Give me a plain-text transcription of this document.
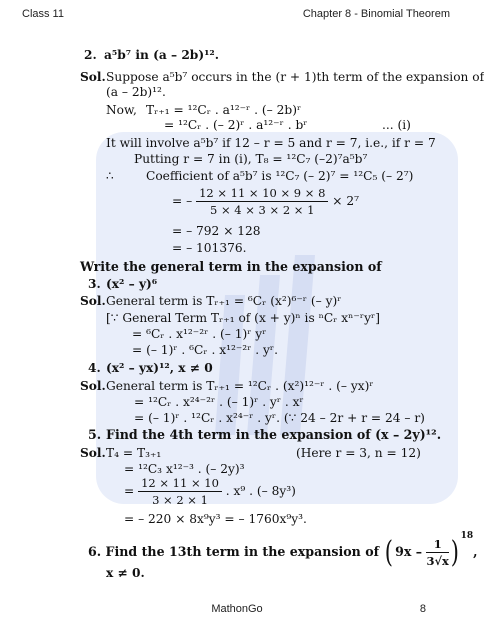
Class 11	Chapter 8 - Binomial Theorem
2. a⁵b⁷ in (a – 2b)¹².
Sol. Suppose a⁵b⁷ occurs in the (r + 1)th term of the expansion of
(a – 2b)¹².
Now, Tᵣ₊₁ = ¹²Cᵣ . a¹²⁻ʳ . (– 2b)ʳ
= ¹²Cᵣ . (– 2)ʳ . a¹²⁻ʳ . bʳ	... (i)
It will involve a⁵b⁷ if 12 – r = 5 and r = 7, i.e., if r = 7
Putting r = 7 in (i), T₈ = ¹²C₇ (–2)⁷a⁵b⁷
∴	Coefficient of a⁵b⁷ is ¹²C₇ (– 2)⁷ = ¹²C₅ (– 2⁷)
= – $\frac{12 \times 11 \times 10 \times 9 \times 8}{5 \times 4 \times 3 \times 2 \times 1} \times 2^7$
= – 792 × 128
= – 101376.
Write the general term in the expansion of
3. (x² – y)⁶
Sol. General term is Tᵣ₊₁ = ⁶Cᵣ (x²)⁶⁻ʳ (– y)ʳ
[∵ General Term Tᵣ₊₁ of (x + y)ⁿ is ⁿCᵣ xⁿ⁻ʳyʳ]
= ⁶Cᵣ . x¹²⁻²ʳ . (– 1)ʳ yʳ
= (– 1)ʳ . ⁶Cᵣ . x¹²⁻²ʳ . yʳ.
4. (x² – yx)¹², x ≠ 0
Sol. General term is Tᵣ₊₁ = ¹²Cᵣ . (x²)¹²⁻ʳ . (– yx)ʳ
= ¹²Cᵣ . x²⁴⁻²ʳ . (– 1)ʳ . yʳ . xʳ
= (– 1)ʳ . ¹²Cᵣ . x²⁴⁻ʳ . yʳ. (∵ 24 – 2r + r = 24 – r)
5. Find the 4th term in the expansion of (x – 2y)¹².
Sol. T₄ = T₃₊₁	(Here r = 3, n = 12)
= ¹²C₃ x¹²⁻³ . (– 2y)³
= $\frac{12 \times 11 \times 10}{3 \times 2 \times 1}$ . x⁹ . (– 8y³)
= – 220 × 8x⁹y³ = – 1760x⁹y³.
6. Find the 13th term in the expansion of ( $9x - \frac{1}{3√x}$ ) $^{18}$,
x ≠ 0.
MathonGo	8
